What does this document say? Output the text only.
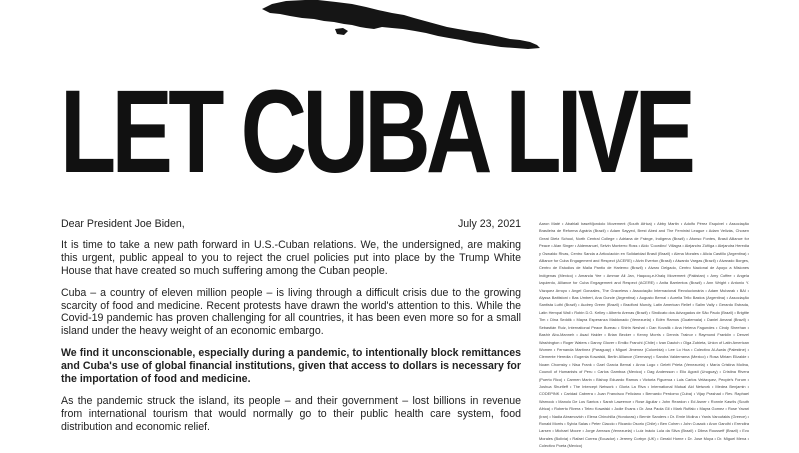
LET CUBA LIVE
Dear President Joe Biden,	July 23, 2021

It is time to take a new path forward in U.S.-Cuban relations. We, the undersigned, are making this urgent, public appeal to you to reject the cruel policies put into place by the Trump White House that have created so much suffering among the Cuban people.

Cuba – a country of eleven million people – is living through a difficult crisis due to the growing scarcity of food and medicine. Recent protests have drawn the world's attention to this. While the Covid-19 pandemic has proven challenging for all countries, it has been even more so for a small island under the heavy weight of an economic embargo.

We find it unconscionable, especially during a pandemic, to intentionally block remittances and Cuba's use of global financial institutions, given that access to dollars is necessary for the importation of food and medicine.

As the pandemic struck the island, its people – and their government – lost billions in revenue from international tourism that would normally go to their public health care system, food distribution and economic relief.

Aaron Maté • Abahlali baseMjondolo Movement (South Africa) • Abby Martin • Adolfo Pérez Esquivel • Associação Brasileira de Reforma Agrária (Brazil) • Adam Sayyed, Brest Abed and The Feminist League • Adam Velizás, Chosen Great Dietz School, North Central College • Adriana de Fránge, Indígena (Brazil) • Afonso Fontes, Brasil Alliance for Peace • Alan Singer • Aldemanuel, Selvin Monterro Ross • Aldo 'Coordino' Villagra • Alejandro Zúñiga • Alejandra Heredia y Oswaldo Rivas, Centro Sanda a Articulación en Solidaridad Brasil (Brazil) • Alena Morales • Alicia Castillo (Argentina) • Alliance for Cuba Engagement and Respect (ACERE) • Alvin Everton (Brasil) • Alwardo Vargas (Brazil) • Alvarado Borges, Centro de Estudios de Maila Pantio de Hariemo (Brazil) • Alvaro Delgado, Centro Nacional de Apoyo a Misiones Indígenas (Mexico) • Amanda Yee • Ammar Ali Jan, Haqooq-e-Khalq Movement (Pakistan) • Amy Coffee • Angela Izquierdo, Alliance for Cuba Engagement and Respect (ACERE) • Anita Barrientos (Brazil) • Ann Wright • Antonio Y. Vázquez Arroyo • Angel Gonzales, The Graceless • Associação Internacional Revolucionária • Adam Mubarak • BAI • Alyssa Battistoni • Bas Umbert, Ana Gunde (Argentina) • Augusto Bernal • Aurelia Tello Bastos (Argentina) • Associação Santista Luthi (Brazil) • Audrey Green (Brazil) • Bradford Mundy, Latin American Relief • Salim Vally • Gerardo Estrada, Latin Hempal Wall • Robin D.G. Kelley • Alberto Arenas (Brazil) • Sindicato dos Advogados de São Paulo (Brazil) • Brigitte Tim • Dina Seddik • Mayra Esperanza Maldonado (Venezuela) • Edén Ramos (Guatemala) • Daniel Amaral (Brazil) • Sebastián Ruiz, International Peace Bureau • Shirin Neshat • Dan Kovalik • Ana Helena Fagundes • Cindy Sheehan • Bashir Abu-Manneh • Asad Haider • Brian Becker • Kenny Morris • Dennis Trainor • Raymond Franklin • Denzel Washington • Roger Waters • Danny Glover • Emilio Franchi (Chile) • Ivan Dautch • Olga Zubieta, Union of Latin American Women • Fernanda Martínez (Paraguay) • Miguel Jimenez (Colombia) • Lee Lo Hoa • Colectivo Al-Awda (Palestine) • Clemente Heredia • Eugenia Kowalski, Berlin Alliance (Germany) • Sandra Valderrama (Mexico) • Rosa Miriam Elizalde • Noam Chomsky • Nisa Frank • Gael García Bernal • Anna Lugo • Gelett Prieta (Venezuela) • María Cristina Molina, Council of Humanists of Peru • Carlos Gamboa (Mexico) • Dag Andersson • Elio Agosti (Uruguay) • Cristina Rivera (Puerto Rico) • Carmen Marin • Bishop Eduardo Ramos • Victoria Figueroa • Luis Carlos Velázquez, People’s Forum • Joshua Shurtleff • The Intercept Network • Gloria La Riva • International Mutual Aid Network • Medea Benjamin • CODEPINK • Caridad Cabrera • Juan Francisco Feliciano • Bernardo Perdomo (Cuba) • Vijay Prashad • Rev. Raphael Warnock • Manolo De Los Santos • Sarah Lawrence • Rose Aguilar • John Reardon • Ed Asner • Ronnie Kasrils (South Africa) • Roberto Rivera • Teleo Kowalski • Jodie Evans • Dr. Ana Paola Gil • Mark Ruffalo • Mayra Gomez • Rose Yavari (Iran) • Nadia Abramovich • Elena Chinchilla (Honduras) • Bernie Sanders • Dr. Ernie Molina • Yanis Varoufakis (Greece) • Ronald Morris • Sylvia Salas • Peter Ciaccio • Ricardo Osorio (Chile) • Ben Cohen • John Cusack • Arun Gandhi • Erendira Larsen • Michael Moore • Jorge Arreaza (Venezuela) • Luiz Inácio Lula da Silva (Brazil) • Dilma Rousseff (Brazil) • Evo Morales (Bolivia) • Rafael Correa (Ecuador) • Jeremy Corbyn (UK) • Gerald Horne • Dr. Jose Moya • Dr. Miguel Mena • Colectivo Poeta (Mexico)
